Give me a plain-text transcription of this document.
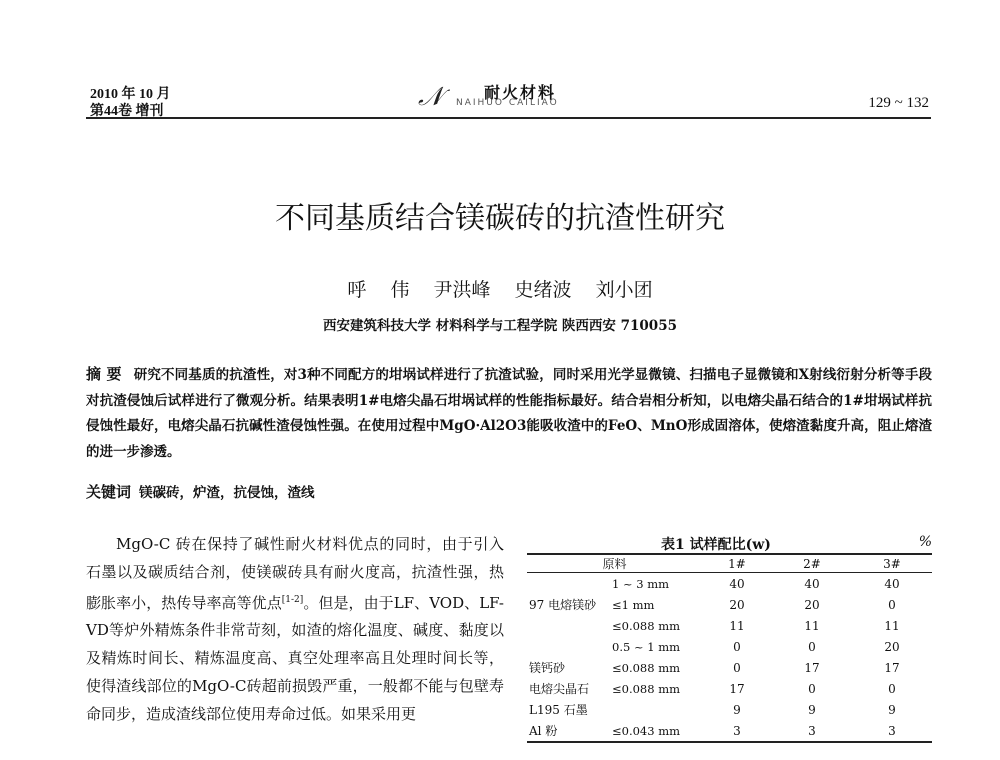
2010 年 10 月
第44卷 增刊	𝒩	耐火材料
NAIHUO CAILIAO	129 ~ 132
不同基质结合镁碳砖的抗渣性研究
呼 伟 尹洪峰 史绪波 刘小团
西安建筑科技大学 材料科学与工程学院 陕西西安 710055
摘 要 研究不同基质的抗渣性，对3种不同配方的坩埚试样进行了抗渣试验，同时采用光学显微镜、扫描电子显微镜和X射线衍射分析等手段对抗渣侵蚀后试样进行了微观分析。结果表明1#电熔尖晶石坩埚试样的性能指标最好。结合岩相分析知，以电熔尖晶石结合的1#坩埚试样抗侵蚀性最好，电熔尖晶石抗碱性渣侵蚀性强。在使用过程中MgO·Al2O3能吸收渣中的FeO、MnO形成固溶体，使熔渣黏度升高，阻止熔渣的进一步渗透。
关键词 镁碳砖，炉渣，抗侵蚀，渣线
MgO-C 砖在保持了碱性耐火材料优点的同时，由于引入石墨以及碳质结合剂，使镁碳砖具有耐火度高，抗渣性强，热膨胀率小，热传导率高等优点[1-2]。但是，由于LF、VOD、LF-VD等炉外精炼条件非常苛刻，如渣的熔化温度、碱度、黏度以及精炼时间长、精炼温度高、真空处理率高且处理时间长等，使得渣线部位的MgO-C砖超前损毁严重，一般都不能与包壁寿命同步，造成渣线部位使用寿命过低。如果采用更
表1 试样配比(w)	%
原料		1#	2#	3#
	1 ~ 3 mm	40	40	40
97 电熔镁砂	≤1 mm	20	20	0
	≤0.088 mm	11	11	11
	0.5 ~ 1 mm	0	0	20
镁钙砂	≤0.088 mm	0	17	17
电熔尖晶石	≤0.088 mm	17	0	0
L195 石墨		9	9	9
Al 粉	≤0.043 mm	3	3	3
